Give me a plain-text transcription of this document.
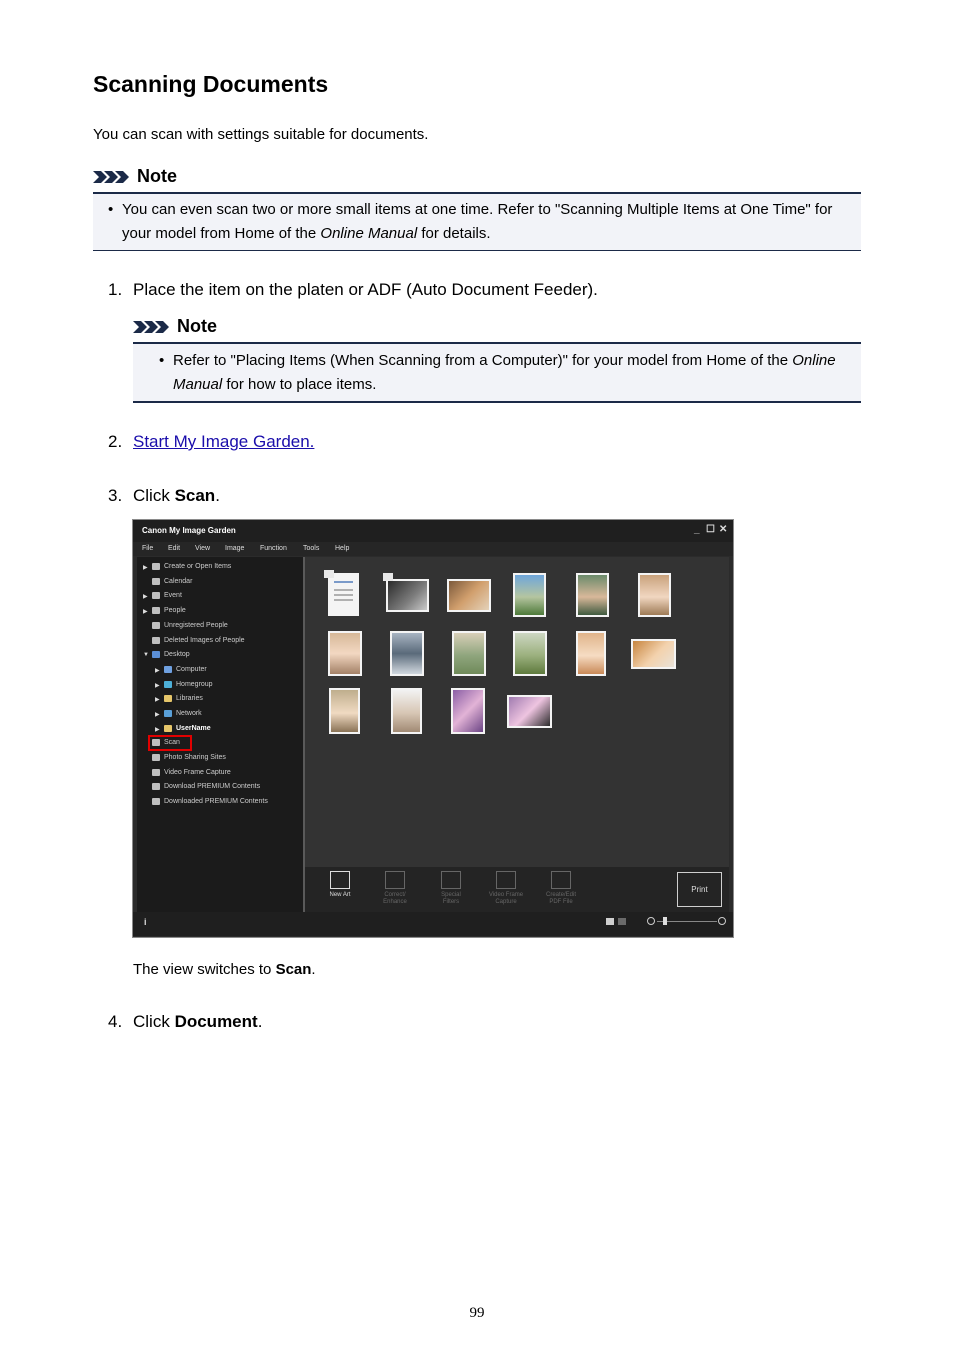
Scanning Documents
You can scan with settings suitable for documents.
Note
• You can even scan two or more small items at one time. Refer to "Scanning Multiple Items at One Time" for your model from Home of the Online Manual for details.
1. Place the item on the platen or ADF (Auto Document Feeder).
Note
• Refer to "Placing Items (When Scanning from a Computer)" for your model from Home of the Online Manual for how to place items.
2. Start My Image Garden.
3. Click Scan.
Canon My Image Garden	_ ☐ ✕
File Edit View Image Function Tools Help
▶
▶
▶
▼
▶
▶
▶
▶
▶
Create or Open Items
Calendar
Event
People
Unregistered People
Deleted Images of People
Desktop
Computer
Homegroup
Libraries
Network
UserName
Scan
Photo Sharing Sites
Video Frame Capture
Download PREMIUM Contents
Downloaded PREMIUM Contents
New Art	Correct/
Enhance
Special
Filters
Video Frame
Capture
Create/Edit
PDF File
Print
i
The view switches to Scan.
4. Click Document.
99
